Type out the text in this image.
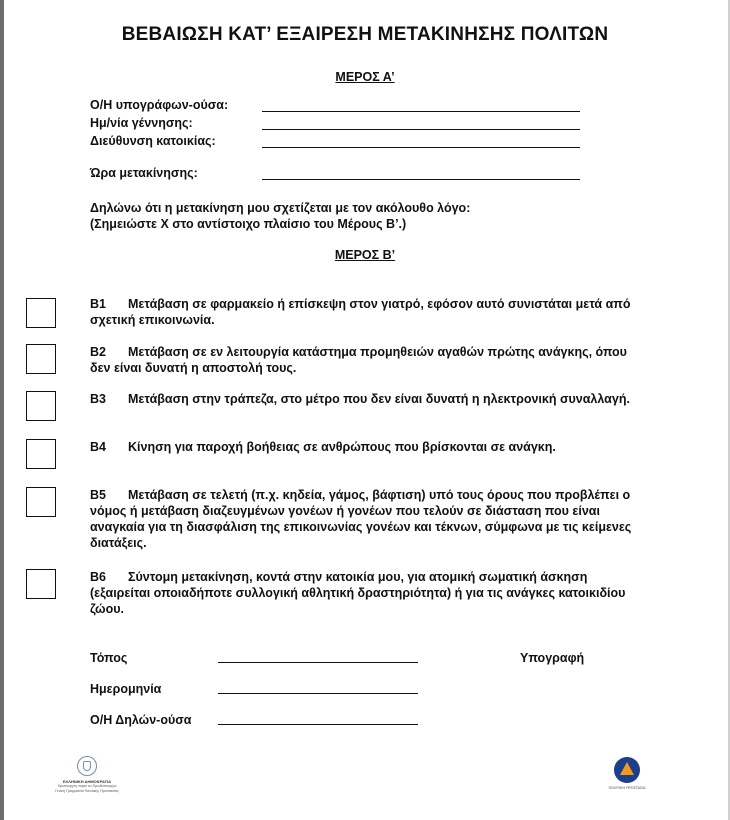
ΒΕΒΑΙΩΣΗ ΚΑΤ’ ΕΞΑΙΡΕΣΗ ΜΕΤΑΚΙΝΗΣΗΣ ΠΟΛΙΤΩΝ
ΜΕΡΟΣ Α’
Ο/Η υπογράφων-ούσα:
Ημ/νία γέννησης:
Διεύθυνση κατοικίας:
Ώρα μετακίνησης:
Δηλώνω ότι η μετακίνηση μου σχετίζεται με τον ακόλουθο λόγο:
(Σημειώστε Χ στο αντίστοιχο πλαίσιο του Μέρους Β’.)
ΜΕΡΟΣ Β’
B1 Μετάβαση σε φαρμακείο ή επίσκεψη στον γιατρό, εφόσον αυτό συνιστάται μετά από σχετική επικοινωνία.
B2 Μετάβαση σε εν λειτουργία κατάστημα προμηθειών αγαθών πρώτης ανάγκης, όπου δεν είναι δυνατή η αποστολή τους.
B3 Μετάβαση στην τράπεζα, στο μέτρο που δεν είναι δυνατή η ηλεκτρονική συναλλαγή.
B4 Κίνηση για παροχή βοήθειας σε ανθρώπους που βρίσκονται σε ανάγκη.
B5 Μετάβαση σε τελετή (π.χ. κηδεία, γάμος, βάφτιση) υπό τους όρους που προβλέπει ο νόμος ή μετάβαση διαζευγμένων γονέων ή γονέων που τελούν σε διάσταση που είναι αναγκαία για τη διασφάλιση της επικοινωνίας γονέων και τέκνων, σύμφωνα με τις κείμενες διατάξεις.
B6 Σύντομη μετακίνηση, κοντά στην κατοικία μου, για ατομική σωματική άσκηση (εξαιρείται οποιαδήποτε συλλογική αθλητική δραστηριότητα) ή για τις ανάγκες κατοικιδίου ζώου.
Τόπος
Ημερομηνία
Ο/Η Δηλών-ούσα
Υπογραφή
ΕΛΛΗΝΙΚΗ ΔΗΜΟΚΡΑΤΙΑ
Υφυπουργός παρά τω Πρωθυπουργώ
Γενική Γραμματεία Πολιτικής Προστασίας
ΠΟΛΙΤΙΚΗ ΠΡΟΣΤΑΣΙΑ
